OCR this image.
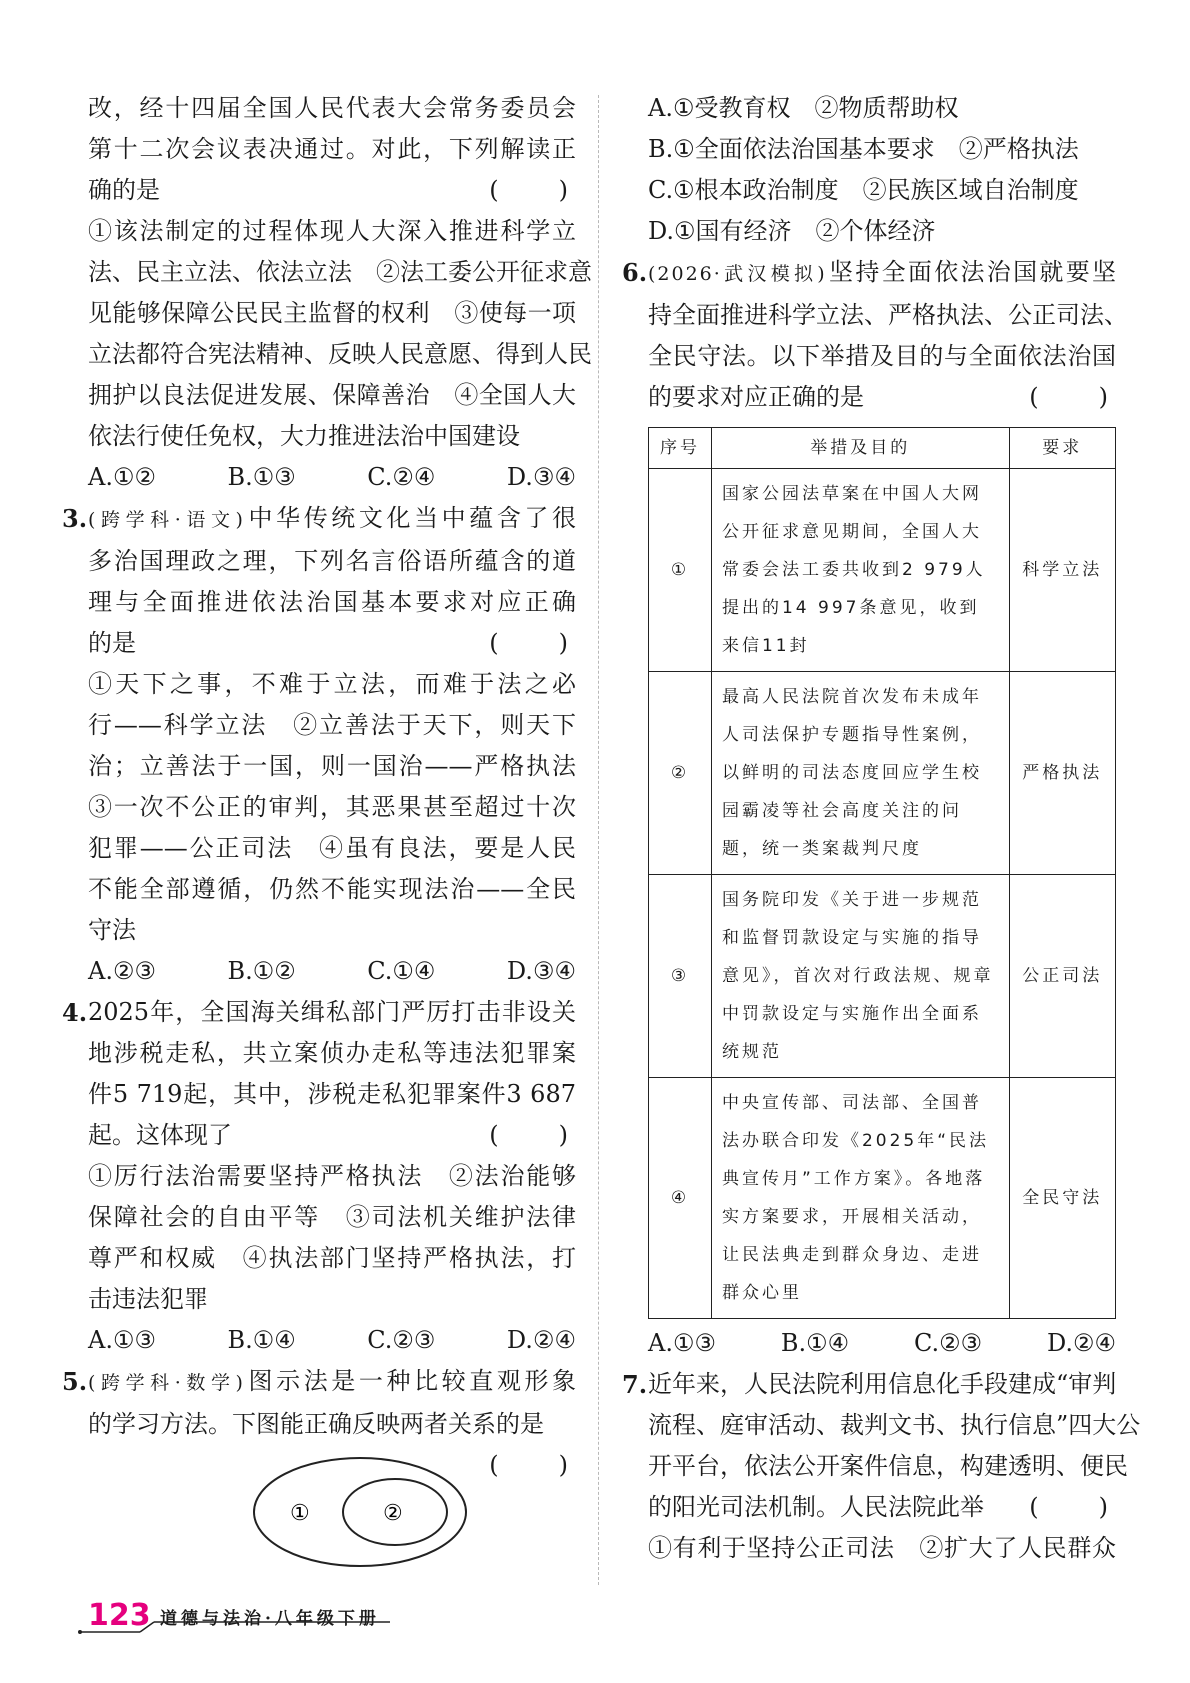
改，经十四届全国人民代表大会常务委员会
第十二次会议表决通过。对此，下列解读正
确的是	(　)
①该法制定的过程体现人大深入推进科学立
法、民主立法、依法立法　②法工委公开征求意
见能够保障公民民主监督的权利　③使每一项
立法都符合宪法精神、反映人民意愿、得到人民
拥护以良法促进发展、保障善治　④全国人大
依法行使任免权，大力推进法治中国建设
A.①②	B.①③	C.②④	D.③④
3. (跨学科·语文)中华传统文化当中蕴含了很
多治国理政之理，下列名言俗语所蕴含的道
理与全面推进依法治国基本要求对应正确
的是	(　)
①天下之事，不难于立法，而难于法之必
行——科学立法　②立善法于天下，则天下
治；立善法于一国，则一国治——严格执法
③一次不公正的审判，其恶果甚至超过十次
犯罪——公正司法　④虽有良法，要是人民
不能全部遵循，仍然不能实现法治——全民
守法
A.②③	B.①②	C.①④	D.③④
4. 2025年，全国海关缉私部门严厉打击非设关
地涉税走私，共立案侦办走私等违法犯罪案
件5 719起，其中，涉税走私犯罪案件3 687
起。这体现了	(　)
①厉行法治需要坚持严格执法　②法治能够
保障社会的自由平等　③司法机关维护法律
尊严和权威　④执法部门坚持严格执法，打
击违法犯罪
A.①③	B.①④	C.②③	D.②④
5. (跨学科·数学)图示法是一种比较直观形象
的学习方法。下图能正确反映两者关系的是
(　)
①	②
A.①受教育权　②物质帮助权
B.①全面依法治国基本要求　②严格执法
C.①根本政治制度　②民族区域自治制度
D.①国有经济　②个体经济
6. (2026·武汉模拟)坚持全面依法治国就要坚
持全面推进科学立法、严格执法、公正司法、
全民守法。以下举措及目的与全面依法治国
的要求对应正确的是	(　)
序号	举措及目的	要求
①	国家公园法草案在中国人大网公开征求意见期间，全国人大常委会法工委共收到2 979人提出的14 997条意见，收到来信11封	科学立法
②	最高人民法院首次发布未成年人司法保护专题指导性案例，以鲜明的司法态度回应学生校园霸凌等社会高度关注的问题，统一类案裁判尺度	严格执法
③	国务院印发《关于进一步规范和监督罚款设定与实施的指导意见》，首次对行政法规、规章中罚款设定与实施作出全面系统规范	公正司法
④	中央宣传部、司法部、全国普法办联合印发《2025年“民法典宣传月”工作方案》。各地落实方案要求，开展相关活动，让民法典走到群众身边、走进群众心里	全民守法
A.①③	B.①④	C.②③	D.②④
7. 近年来，人民法院利用信息化手段建成“审判
流程、庭审活动、裁判文书、执行信息”四大公
开平台，依法公开案件信息，构建透明、便民
的阳光司法机制。人民法院此举 (　)
①有利于坚持公正司法　②扩大了人民群众
123 道德与法治·八年级下册
